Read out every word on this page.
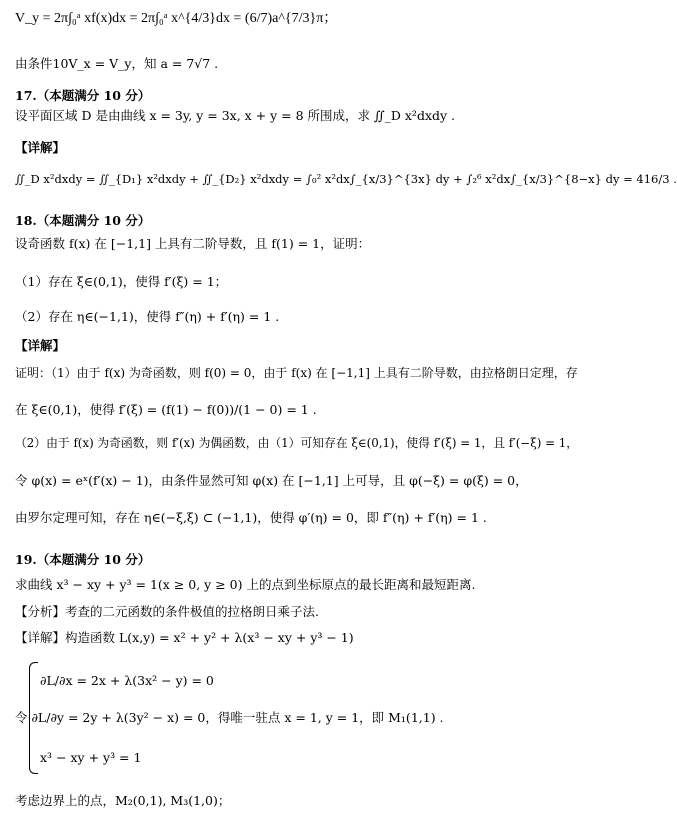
V_y = 2π∫₀ᵃ xf(x)dx = 2π∫₀ᵃ x^{4/3}dx = (6/7)a^{7/3}π；
由条件10V_x = V_y，知 a = 7√7 .
17.（本题满分 10 分）
设平面区域 D 是由曲线 x = 3y, y = 3x, x + y = 8 所围成，求 ∬_D x²dxdy .
【详解】
∬_D x²dxdy = ∬_{D₁} x²dxdy + ∬_{D₂} x²dxdy = ∫₀² x²dx∫_{x/3}^{3x} dy + ∫₂⁶ x²dx∫_{x/3}^{8−x} dy = 416/3 .
18.（本题满分 10 分）
设奇函数 f(x) 在 [−1,1] 上具有二阶导数，且 f(1) = 1，证明：
（1）存在 ξ∈(0,1)，使得 f′(ξ) = 1；
（2）存在 η∈(−1,1)，使得 f″(η) + f′(η) = 1 .
【详解】
证明：（1）由于 f(x) 为奇函数，则 f(0) = 0，由于 f(x) 在 [−1,1] 上具有二阶导数，由拉格朗日定理，存
在 ξ∈(0,1)，使得 f′(ξ) = (f(1) − f(0))/(1 − 0) = 1 .
（2）由于 f(x) 为奇函数，则 f′(x) 为偶函数，由（1）可知存在 ξ∈(0,1)，使得 f′(ξ) = 1，且 f′(−ξ) = 1，
令 φ(x) = eˣ(f′(x) − 1)，由条件显然可知 φ(x) 在 [−1,1] 上可导，且 φ(−ξ) = φ(ξ) = 0，
由罗尔定理可知，存在 η∈(−ξ,ξ) ⊂ (−1,1)，使得 φ′(η) = 0，即 f″(η) + f′(η) = 1 .
19.（本题满分 10 分）
求曲线 x³ − xy + y³ = 1(x ≥ 0, y ≥ 0) 上的点到坐标原点的最长距离和最短距离.
【分析】考查的二元函数的条件极值的拉格朗日乘子法.
【详解】构造函数 L(x,y) = x² + y² + λ(x³ − xy + y³ − 1)
∂L/∂x = 2x + λ(3x² − y) = 0
令 ∂L/∂y = 2y + λ(3y² − x) = 0，得唯一驻点 x = 1, y = 1，即 M₁(1,1) .
x³ − xy + y³ = 1
考虑边界上的点，M₂(0,1), M₃(1,0)；
